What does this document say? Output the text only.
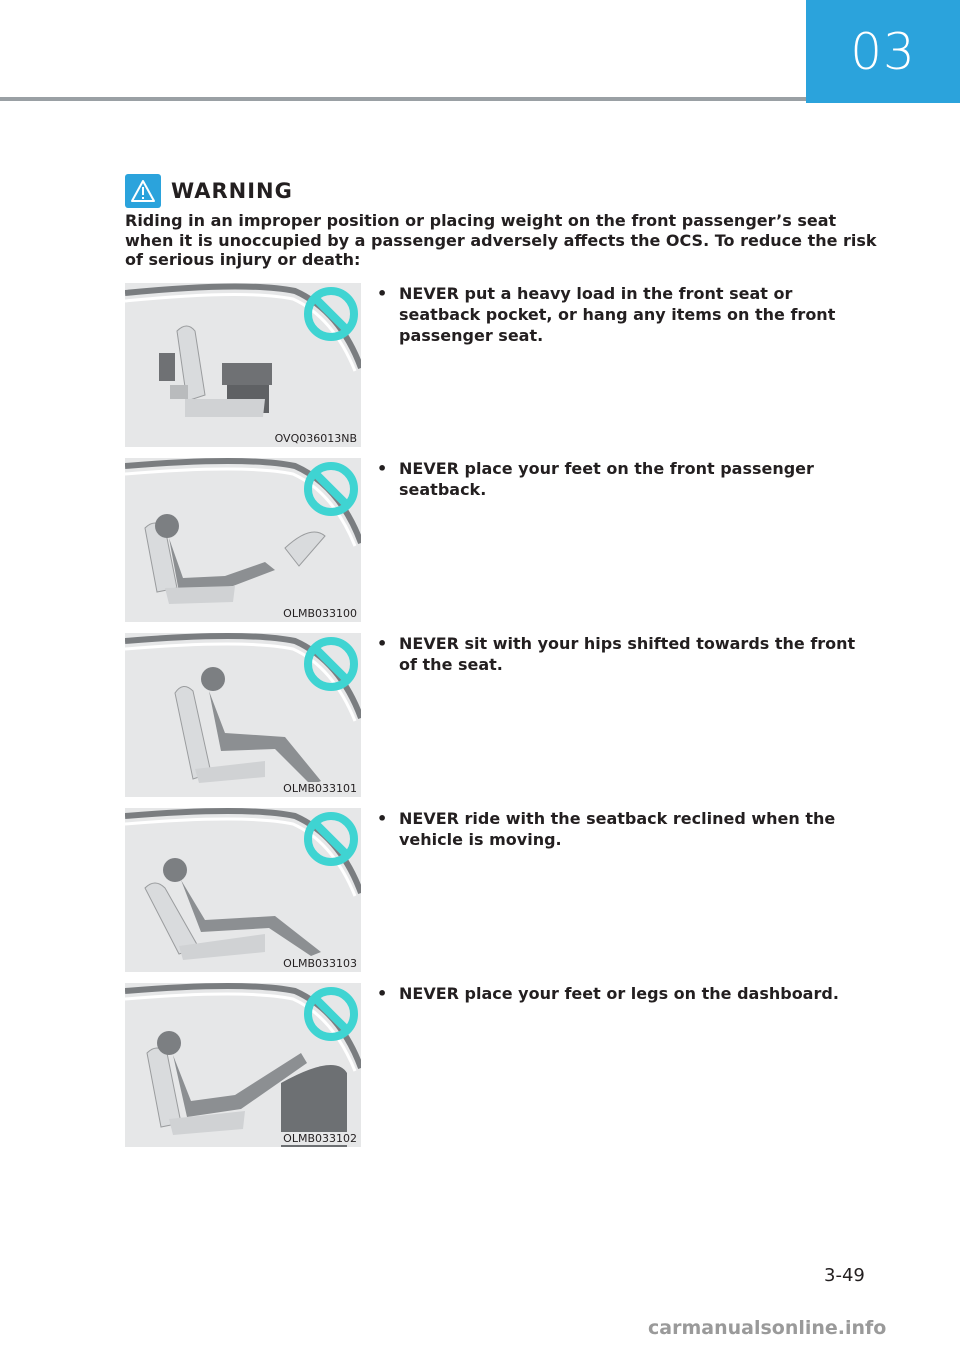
03
WARNING

Riding in an improper position or placing weight on the front passenger’s seat when it is unoccupied by a passenger adversely affects the OCS. To reduce the risk of serious injury or death:

OVQ036013NB
• NEVER put a heavy load in the front seat or seatback pocket, or hang any items on the front passenger seat.
OLMB033100
• NEVER place your feet on the front passenger seatback.
OLMB033101
• NEVER sit with your hips shifted towards the front of the seat.
OLMB033103
• NEVER ride with the seatback reclined when the vehicle is moving.
OLMB033102
• NEVER place your feet or legs on the dashboard.
3-49
carmanualsonline.info
